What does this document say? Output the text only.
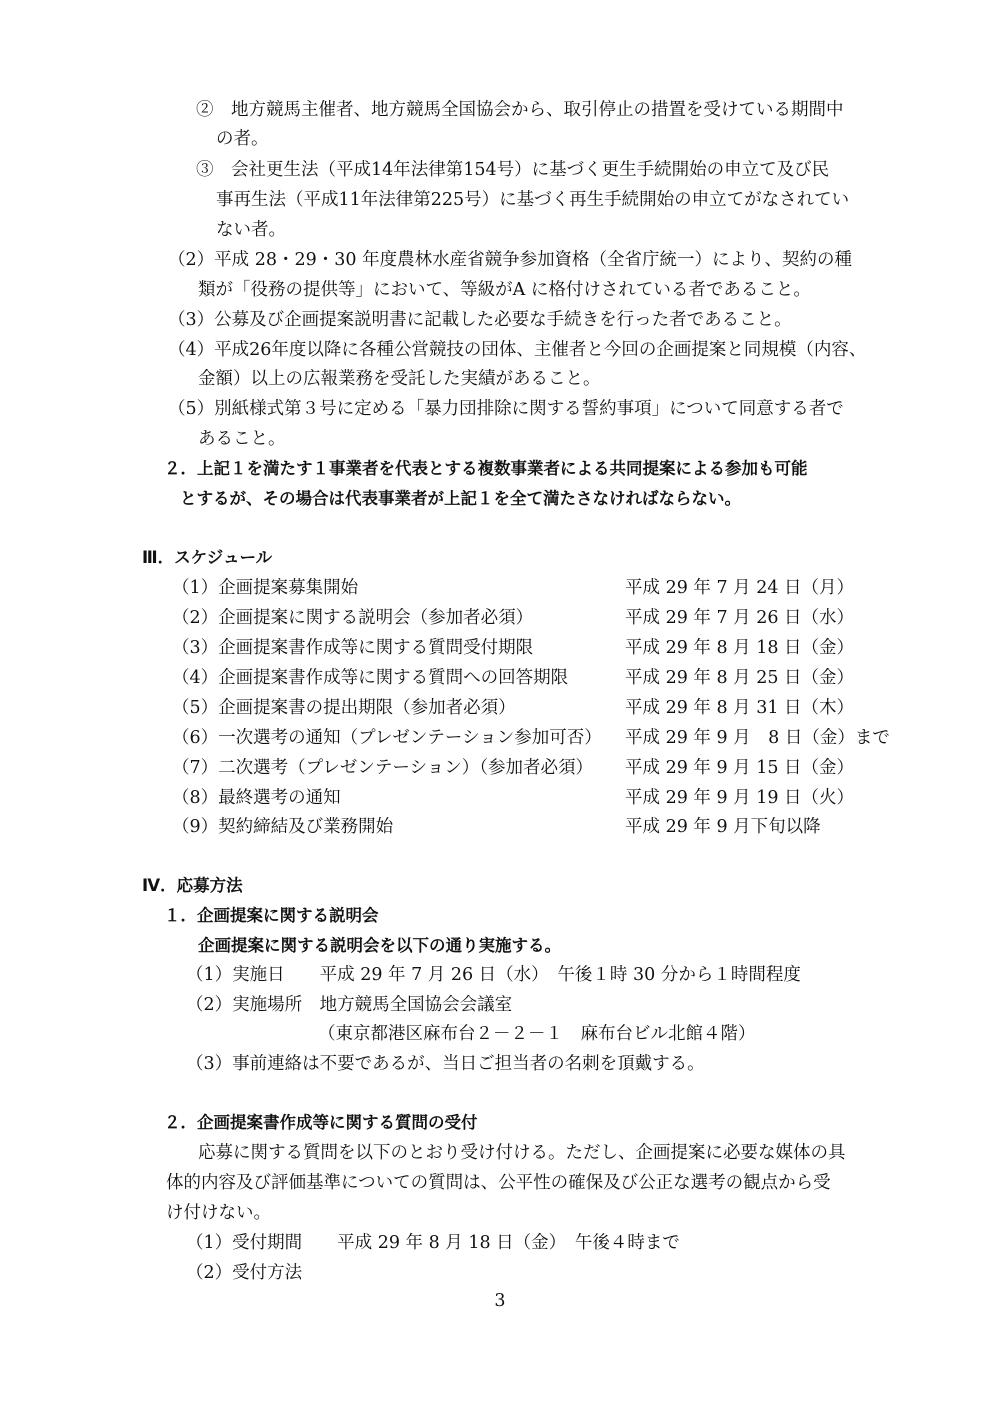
②　地方競馬主催者、地方競馬全国協会から、取引停止の措置を受けている期間中
の者。
③　会社更生法（平成14年法律第154号）に基づく更生手続開始の申立て及び民
事再生法（平成11年法律第225号）に基づく再生手続開始の申立てがなされてい
ない者。
（2）平成 28・29・30 年度農林水産省競争参加資格（全省庁統一）により、契約の種
類が「役務の提供等」において、等級がA に格付けされている者であること。
（3）公募及び企画提案説明書に記載した必要な手続きを行った者であること。
（4）平成26年度以降に各種公営競技の団体、主催者と今回の企画提案と同規模（内容、
金額）以上の広報業務を受託した実績があること。
（5）別紙様式第３号に定める「暴力団排除に関する誓約事項」について同意する者で
あること。
２．上記１を満たす１事業者を代表とする複数事業者による共同提案による参加も可能
とするが、その場合は代表事業者が上記１を全て満たさなければならない。
Ⅲ．スケジュール
（1）企画提案募集開始	平成 29 年 7 月 24 日（月）
（2）企画提案に関する説明会（参加者必須）	平成 29 年 7 月 26 日（水）
（3）企画提案書作成等に関する質問受付期限	平成 29 年 8 月 18 日（金）
（4）企画提案書作成等に関する質問への回答期限	平成 29 年 8 月 25 日（金）
（5）企画提案書の提出期限（参加者必須）	平成 29 年 8 月 31 日（木）
（6）一次選考の通知（プレゼンテーション参加可否） 平成 29 年 9 月　8 日（金）まで
（7）二次選考（プレゼンテーション）（参加者必須） 平成 29 年 9 月 15 日（金）
（8）最終選考の通知	平成 29 年 9 月 19 日（火）
（9）契約締結及び業務開始	平成 29 年 9 月下旬以降
Ⅳ．応募方法
１．企画提案に関する説明会
企画提案に関する説明会を以下の通り実施する。
（1）実施日　　平成 29 年 7 月 26 日（水）　午後１時 30 分から１時間程度
（2）実施場所　地方競馬全国協会会議室
（東京都港区麻布台２－２－１　麻布台ビル北館４階）
（3）事前連絡は不要であるが、当日ご担当者の名刺を頂戴する。
２．企画提案書作成等に関する質問の受付
応募に関する質問を以下のとおり受け付ける。ただし、企画提案に必要な媒体の具
体的内容及び評価基準についての質問は、公平性の確保及び公正な選考の観点から受
け付けない。
（1）受付期間　　平成 29 年 8 月 18 日（金）　午後４時まで
（2）受付方法
3
